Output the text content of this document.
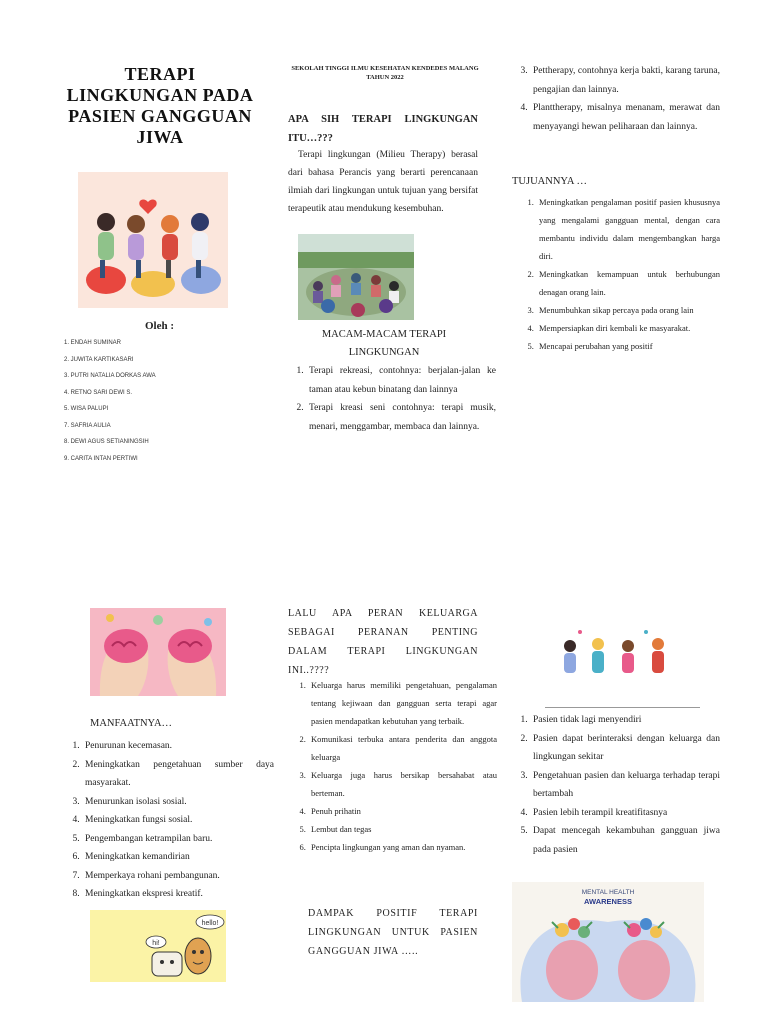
TERAPI LINGKUNGAN PADA PASIEN GANGGUAN JIWA
Oleh :
1. ENDAH SUMINAR
2. JUWITA KARTIKASARI
3. PUTRI NATALIA DORKAS AWA
4. RETNO SARI DEWI S.
5. WISA PALUPI
7. SAFRIA AULIA
8. DEWI AGUS SETIANINGSIH
9. CARITA INTAN PERTIWI
SEKOLAH TINGGI ILMU KESEHATAN KENDEDES MALANG TAHUN 2022
APA SIH TERAPI LINGKUNGAN ITU…???
Terapi lingkungan (Milieu Therapy) berasal dari bahasa Perancis yang berarti perencanaan ilmiah dari lingkungan untuk tujuan yang bersifat terapeutik atau mendukung kesembuhan.
MACAM-MACAM TERAPI LINGKUNGAN
1. Terapi rekreasi, contohnya: berjalan-jalan ke taman atau kebun binatang dan lainnya
2. Terapi kreasi seni contohnya: terapi musik, menari, menggambar, membaca dan lainnya.
3. Pettherapy, contohnya kerja bakti, karang taruna, pengajian dan lainnya.
4. Planttherapy, misalnya menanam, merawat dan menyayangi hewan peliharaan dan lainnya.
TUJUANNYA …
1. Meningkatkan pengalaman positif pasien khususnya yang mengalami gangguan mental, dengan cara membantu individu dalam mengembangkan harga diri.
2. Meningkatkan kemampuan untuk berhubungan denagan orang lain.
3. Menumbuhkan sikap percaya pada orang lain
4. Mempersiapkan diri kembali ke masyarakat.
5. Mencapai perubahan yang positif
MANFAATNYA…
1. Penurunan kecemasan.
2. Meningkatkan pengetahuan sumber daya masyarakat.
3. Menurunkan isolasi sosial.
4. Meningkatkan fungsi sosial.
5. Pengembangan ketrampilan baru.
6. Meningkatkan kemandirian
7. Memperkaya rohani pembangunan.
8. Meningkatkan ekspresi kreatif.
hello!
hi!
LALU APA PERAN KELUARGA SEBAGAI PERANAN PENTING DALAM TERAPI LINGKUNGAN INI..????
1. Keluarga harus memiliki pengetahuan, pengalaman tentang kejiwaan dan gangguan serta terapi agar pasien mendapatkan kebutuhan yang terbaik.
2. Komunikasi terbuka antara penderita dan anggota keluarga
3. Keluarga juga harus bersikap bersahabat atau berteman.
4. Penuh prihatin
5. Lembut dan tegas
6. Pencipta lingkungan yang aman dan nyaman.
DAMPAK POSITIF TERAPI LINGKUNGAN UNTUK PASIEN GANGGUAN JIWA …..
1. Pasien tidak lagi menyendiri
2. Pasien dapat berinteraksi dengan keluarga dan lingkungan sekitar
3. Pengetahuan pasien dan keluarga terhadap terapi bertambah
4. Pasien lebih terampil kreatifitasnya
5. Dapat mencegah kekambuhan gangguan jiwa pada pasien
MENTAL HEALTH
AWARENESS
